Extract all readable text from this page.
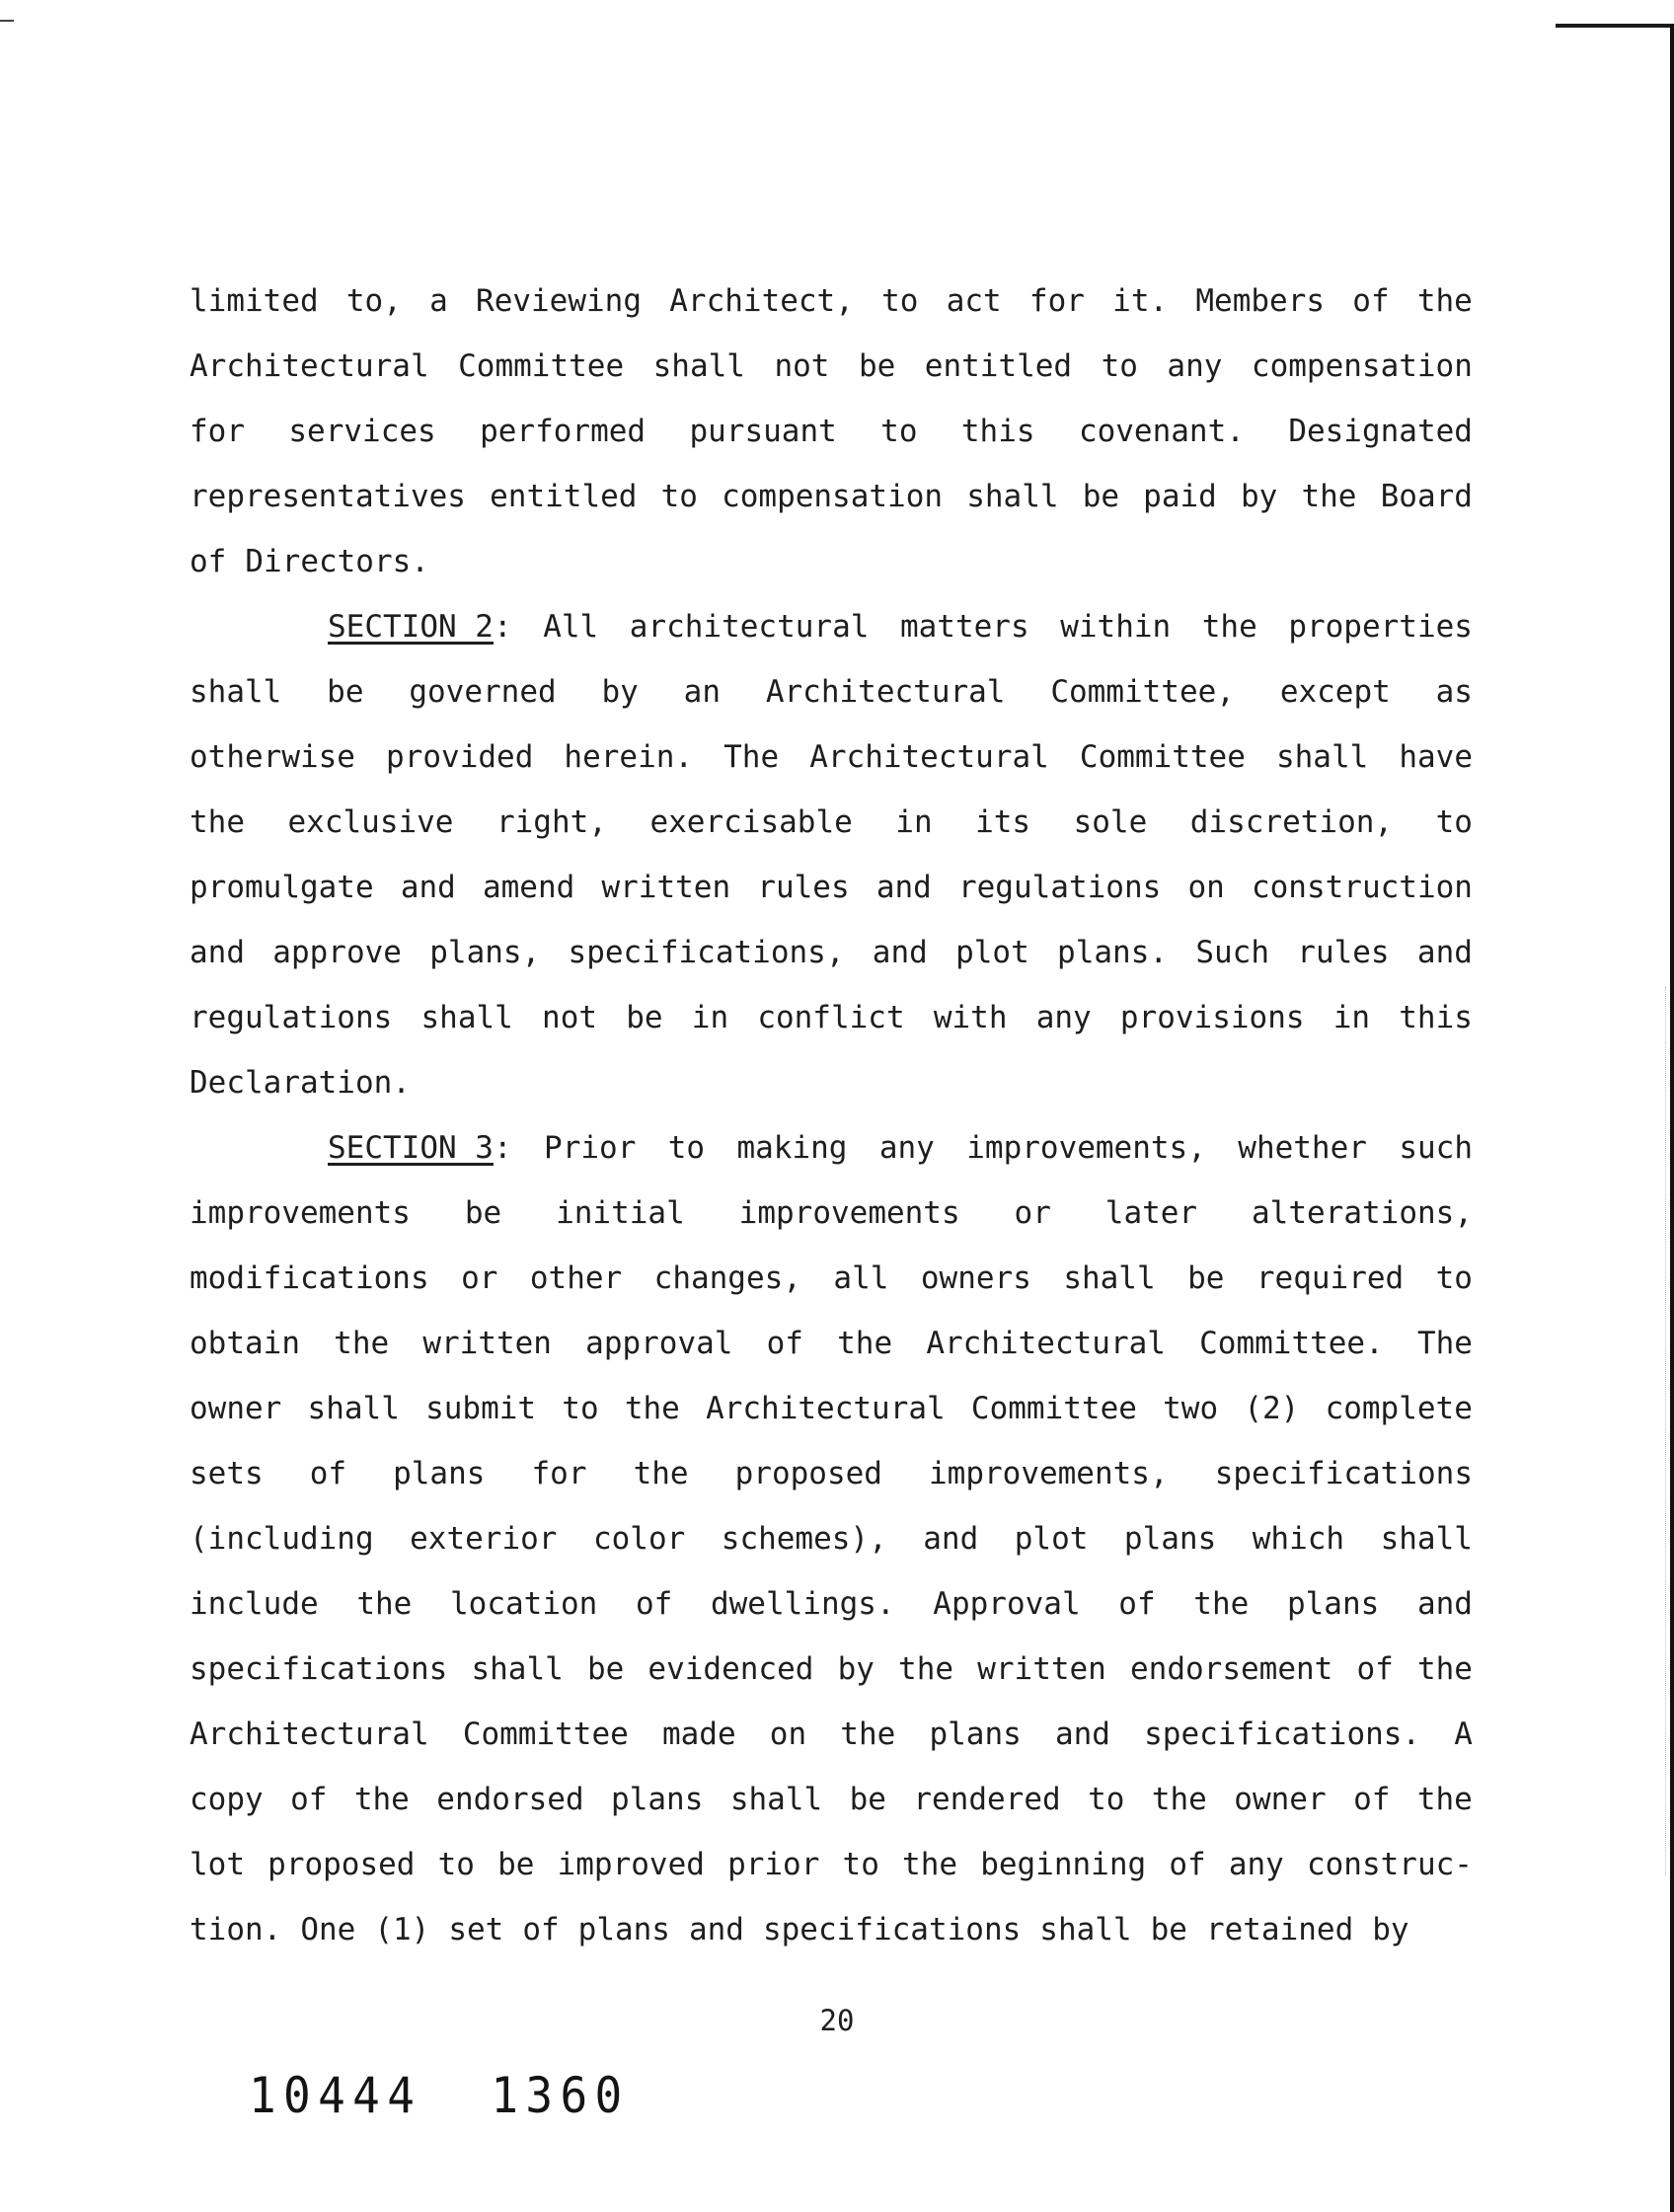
limited to, a Reviewing Architect, to act for it. Members of the
Architectural Committee shall not be entitled to any compensation
for services performed pursuant to this covenant. Designated
representatives entitled to compensation shall be paid by the Board
of Directors.
SECTION 2: All architectural matters within the properties
shall be governed by an Architectural Committee, except as
otherwise provided herein. The Architectural Committee shall have
the exclusive right, exercisable in its sole discretion, to
promulgate and amend written rules and regulations on construction
and approve plans, specifications, and plot plans. Such rules and
regulations shall not be in conflict with any provisions in this
Declaration.
SECTION 3: Prior to making any improvements, whether such
improvements be initial improvements or later alterations,
modifications or other changes, all owners shall be required to
obtain the written approval of the Architectural Committee. The
owner shall submit to the Architectural Committee two (2) complete
sets of plans for the proposed improvements, specifications
(including exterior color schemes), and plot plans which shall
include the location of dwellings. Approval of the plans and
specifications shall be evidenced by the written endorsement of the
Architectural Committee made on the plans and specifications. A
copy of the endorsed plans shall be rendered to the owner of the
lot proposed to be improved prior to the beginning of any construc-
tion. One (1) set of plans and specifications shall be retained by
20
10444  1360
